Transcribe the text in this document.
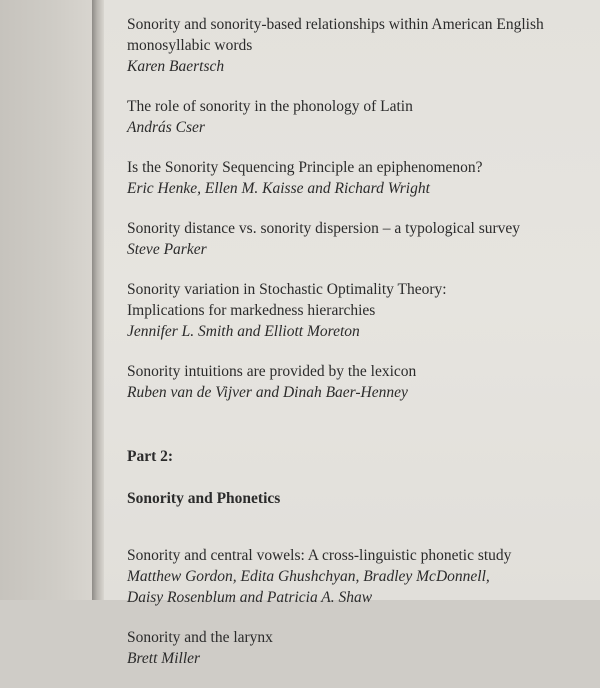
Sonority and sonority-based relationships within American English
monosyllabic words
Karen Baertsch
The role of sonority in the phonology of Latin
András Cser
Is the Sonority Sequencing Principle an epiphenomenon?
Eric Henke, Ellen M. Kaisse and Richard Wright
Sonority distance vs. sonority dispersion – a typological survey
Steve Parker
Sonority variation in Stochastic Optimality Theory:
Implications for markedness hierarchies
Jennifer L. Smith and Elliott Moreton
Sonority intuitions are provided by the lexicon
Ruben van de Vijver and Dinah Baer-Henney

Part 2:

Sonority and Phonetics

Sonority and central vowels: A cross-linguistic phonetic study
Matthew Gordon, Edita Ghushchyan, Bradley McDonnell,
Daisy Rosenblum and Patricia A. Shaw
Sonority and the larynx
Brett Miller
